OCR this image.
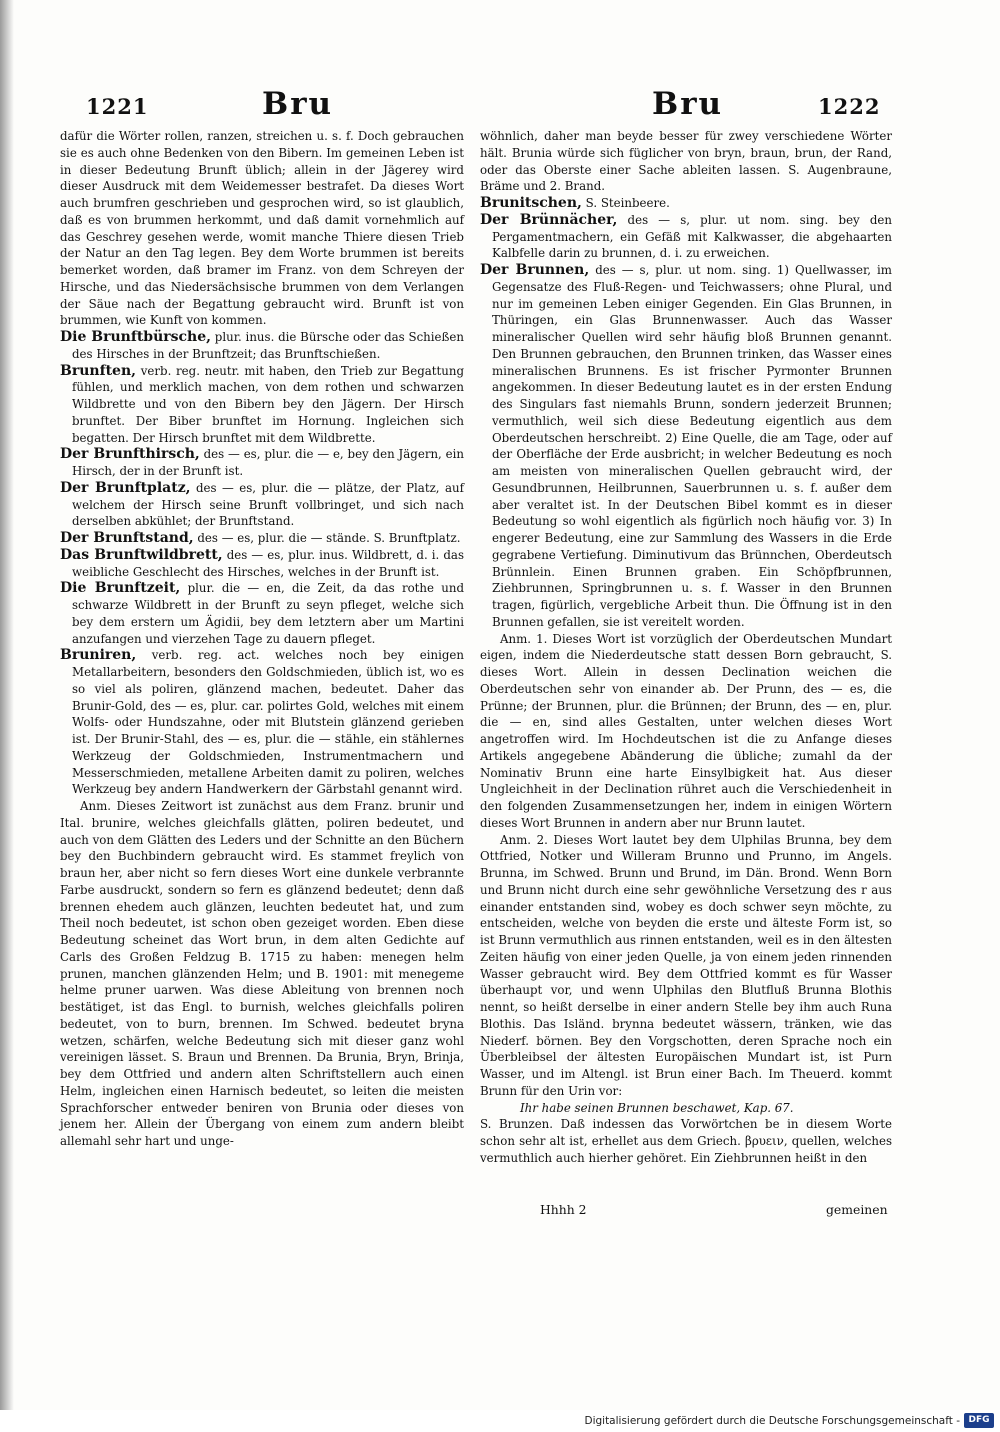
1221	Bru	Bru	1222

dafür die Wörter rollen, ranzen, streichen u. s. f. Doch gebrauchen sie es auch ohne Bedenken von den Bibern. Im gemeinen Leben ist in dieser Bedeutung Brunft üblich; allein in der Jägerey wird dieser Ausdruck mit dem Weidemesser bestrafet. Da dieses Wort auch brumfren geschrieben und gesprochen wird, so ist glaublich, daß es von brummen herkommt, und daß damit vornehmlich auf das Geschrey gesehen werde, womit manche Thiere diesen Trieb der Natur an den Tag legen. Bey dem Worte brummen ist bereits bemerket worden, daß bramer im Franz. von dem Schreyen der Hirsche, und das Niedersächsische brummen von dem Verlangen der Säue nach der Begattung gebraucht wird. Brunft ist von brummen, wie Kunft von kommen.

Die Brunftbürsche, plur. inus. die Bürsche oder das Schießen des Hirsches in der Brunftzeit; das Brunftschießen.

Brunften, verb. reg. neutr. mit haben, den Trieb zur Begattung fühlen, und merklich machen, von dem rothen und schwarzen Wildbrette und von den Bibern bey den Jägern. Der Hirsch brunftet. Der Biber brunftet im Hornung. Ingleichen sich begatten. Der Hirsch brunftet mit dem Wildbrette.

Der Brunfthirsch, des — es, plur. die — e, bey den Jägern, ein Hirsch, der in der Brunft ist.

Der Brunftplatz, des — es, plur. die — plätze, der Platz, auf welchem der Hirsch seine Brunft vollbringet, und sich nach derselben abkühlet; der Brunftstand.

Der Brunftstand, des — es, plur. die — stände. S. Brunftplatz.

Das Brunftwildbrett, des — es, plur. inus. Wildbrett, d. i. das weibliche Geschlecht des Hirsches, welches in der Brunft ist.

Die Brunftzeit, plur. die — en, die Zeit, da das rothe und schwarze Wildbrett in der Brunft zu seyn pfleget, welche sich bey dem erstern um Ägidii, bey dem letztern aber um Martini anzufangen und vierzehen Tage zu dauern pfleget.

Bruniren, verb. reg. act. welches noch bey einigen Metallarbeitern, besonders den Goldschmieden, üblich ist, wo es so viel als poliren, glänzend machen, bedeutet. Daher das Brunir-Gold, des — es, plur. car. polirtes Gold, welches mit einem Wolfs- oder Hundszahne, oder mit Blutstein glänzend gerieben ist. Der Brunir-Stahl, des — es, plur. die — stähle, ein stählernes Werkzeug der Goldschmieden, Instrumentmachern und Messerschmieden, metallene Arbeiten damit zu poliren, welches Werkzeug bey andern Handwerkern der Gärbstahl genannt wird.

Anm. Dieses Zeitwort ist zunächst aus dem Franz. brunir und Ital. brunire, welches gleichfalls glätten, poliren bedeutet, und auch von dem Glätten des Leders und der Schnitte an den Büchern bey den Buchbindern gebraucht wird. Es stammet freylich von braun her, aber nicht so fern dieses Wort eine dunkele verbrannte Farbe ausdruckt, sondern so fern es glänzend bedeutet; denn daß brennen ehedem auch glänzen, leuchten bedeutet hat, und zum Theil noch bedeutet, ist schon oben gezeiget worden. Eben diese Bedeutung scheinet das Wort brun, in dem alten Gedichte auf Carls des Großen Feldzug B. 1715 zu haben: menegen helm prunen, manchen glänzenden Helm; und B. 1901: mit menegeme helme pruner uarwen. Was diese Ableitung von brennen noch bestätiget, ist das Engl. to burnish, welches gleichfalls poliren bedeutet, von to burn, brennen. Im Schwed. bedeutet bryna wetzen, schärfen, welche Bedeutung sich mit dieser ganz wohl vereinigen lässet. S. Braun und Brennen. Da Brunia, Bryn, Brinja, bey dem Ottfried und andern alten Schriftstellern auch einen Helm, ingleichen einen Harnisch bedeutet, so leiten die meisten Sprachforscher entweder beniren von Brunia oder dieses von jenem her. Allein der Übergang von einem zum andern bleibt allemahl sehr hart und unge-

wöhnlich, daher man beyde besser für zwey verschiedene Wörter hält. Brunia würde sich füglicher von bryn, braun, brun, der Rand, oder das Oberste einer Sache ableiten lassen. S. Augenbraune, Bräme und 2. Brand.

Brunitschen, S. Steinbeere.

Der Brünnächer, des — s, plur. ut nom. sing. bey den Pergamentmachern, ein Gefäß mit Kalkwasser, die abgehaarten Kalbfelle darin zu brunnen, d. i. zu erweichen.

Der Brunnen, des — s, plur. ut nom. sing. 1) Quellwasser, im Gegensatze des Fluß-Regen- und Teichwassers; ohne Plural, und nur im gemeinen Leben einiger Gegenden. Ein Glas Brunnen, in Thüringen, ein Glas Brunnenwasser. Auch das Wasser mineralischer Quellen wird sehr häufig bloß Brunnen genannt. Den Brunnen gebrauchen, den Brunnen trinken, das Wasser eines mineralischen Brunnens. Es ist frischer Pyrmonter Brunnen angekommen. In dieser Bedeutung lautet es in der ersten Endung des Singulars fast niemahls Brunn, sondern jederzeit Brunnen; vermuthlich, weil sich diese Bedeutung eigentlich aus dem Oberdeutschen herschreibt. 2) Eine Quelle, die am Tage, oder auf der Oberfläche der Erde ausbricht; in welcher Bedeutung es noch am meisten von mineralischen Quellen gebraucht wird, der Gesundbrunnen, Heilbrunnen, Sauerbrunnen u. s. f. außer dem aber veraltet ist. In der Deutschen Bibel kommt es in dieser Bedeutung so wohl eigentlich als figürlich noch häufig vor. 3) In engerer Bedeutung, eine zur Sammlung des Wassers in die Erde gegrabene Vertiefung. Diminutivum das Brünnchen, Oberdeutsch Brünnlein. Einen Brunnen graben. Ein Schöpfbrunnen, Ziehbrunnen, Springbrunnen u. s. f. Wasser in den Brunnen tragen, figürlich, vergebliche Arbeit thun. Die Öffnung ist in den Brunnen gefallen, sie ist vereitelt worden.

Anm. 1. Dieses Wort ist vorzüglich der Oberdeutschen Mundart eigen, indem die Niederdeutsche statt dessen Born gebraucht, S. dieses Wort. Allein in dessen Declination weichen die Oberdeutschen sehr von einander ab. Der Prunn, des — es, die Prünne; der Brunnen, plur. die Brünnen; der Brunn, des — en, plur. die — en, sind alles Gestalten, unter welchen dieses Wort angetroffen wird. Im Hochdeutschen ist die zu Anfange dieses Artikels angegebene Abänderung die übliche; zumahl da der Nominativ Brunn eine harte Einsylbigkeit hat. Aus dieser Ungleichheit in der Declination rühret auch die Verschiedenheit in den folgenden Zusammensetzungen her, indem in einigen Wörtern dieses Wort Brunnen in andern aber nur Brunn lautet.

Anm. 2. Dieses Wort lautet bey dem Ulphilas Brunna, bey dem Ottfried, Notker und Willeram Brunno und Prunno, im Angels. Brunna, im Schwed. Brunn und Brund, im Dän. Brond. Wenn Born und Brunn nicht durch eine sehr gewöhnliche Versetzung des r aus einander entstanden sind, wobey es doch schwer seyn möchte, zu entscheiden, welche von beyden die erste und älteste Form ist, so ist Brunn vermuthlich aus rinnen entstanden, weil es in den ältesten Zeiten häufig von einer jeden Quelle, ja von einem jeden rinnenden Wasser gebraucht wird. Bey dem Ottfried kommt es für Wasser überhaupt vor, und wenn Ulphilas den Blutfluß Brunna Blothis nennt, so heißt derselbe in einer andern Stelle bey ihm auch Runa Blothis. Das Isländ. brynna bedeutet wässern, tränken, wie das Niederf. börnen. Bey den Vorgschotten, deren Sprache noch ein Überbleibsel der ältesten Europäischen Mundart ist, ist Purn Wasser, und im Altengl. ist Brun einer Bach. Im Theuerd. kommt Brunn für den Urin vor:

Ihr habe seinen Brunnen beschawet, Kap. 67.

S. Brunzen. Daß indessen das Vorwörtchen be in diesem Worte schon sehr alt ist, erhellet aus dem Griech. βρυειν, quellen, welches vermuthlich auch hierher gehöret. Ein Ziehbrunnen heißt in den

Hhhh 2	gemeinen
Digitalisierung gefördert durch die Deutsche Forschungsgemeinschaft - DFG
